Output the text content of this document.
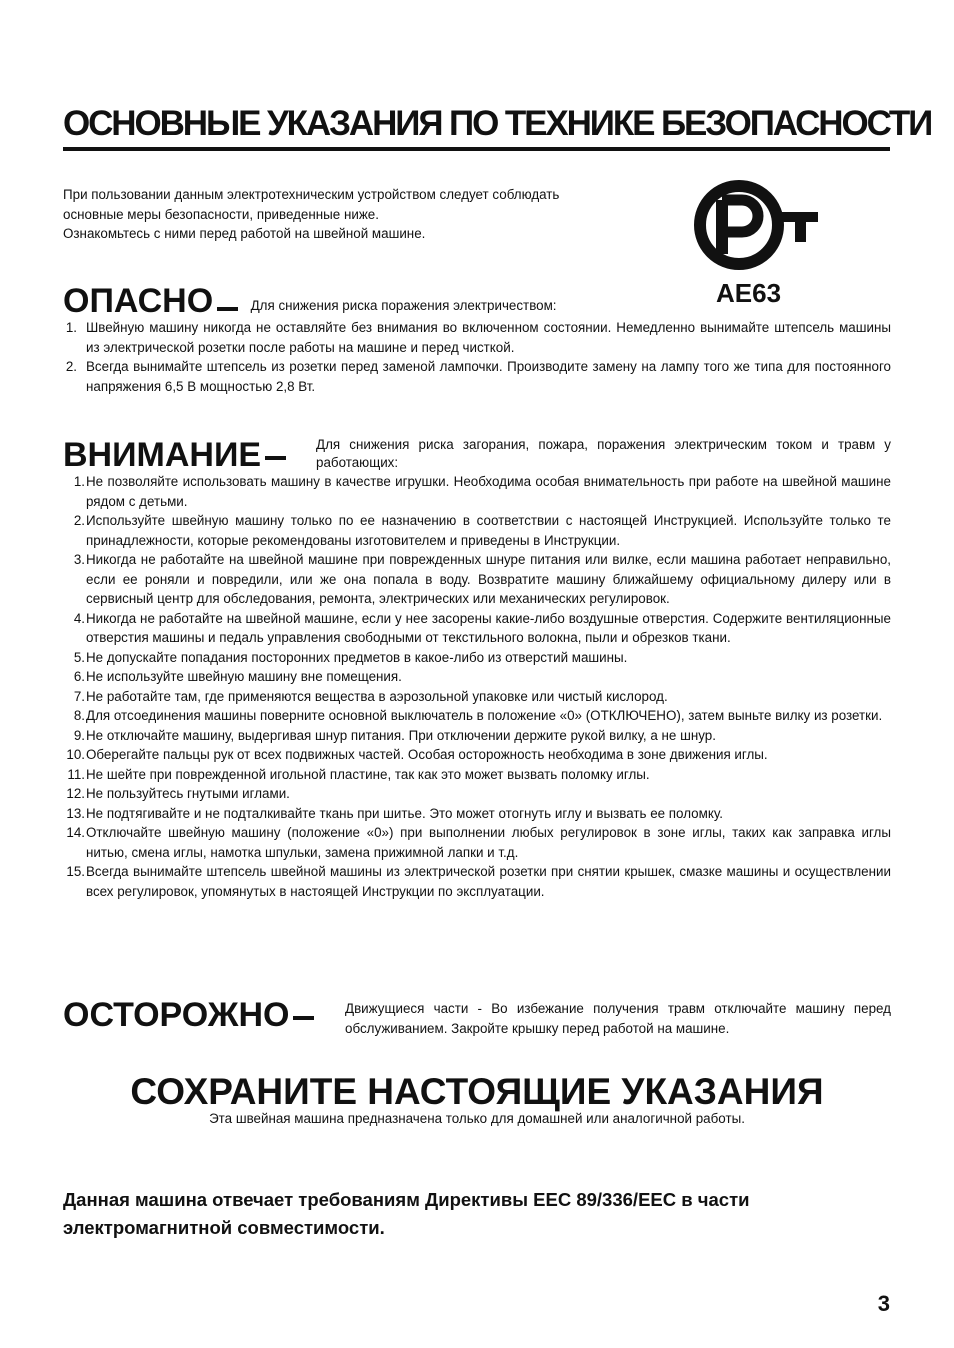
ОСНОВНЫЕ УКАЗАНИЯ ПО ТЕХНИКЕ БЕЗОПАСНОСТИ
При пользовании данным электротехническим устройством следует соблюдать
основные меры безопасности, приведенные ниже.
Ознакомьтесь с ними перед работой на швейной машине.
AE63
ОПАСНО	Для снижения риска поражения электричеством:
1. Швейную машину никогда не оставляйте без внимания во включенном состоянии. Немедленно вынимайте штепсель машины из электрической розетки после работы на машине и перед чисткой.
2. Всегда вынимайте штепсель из розетки перед заменой лампочки. Производите замену на лампу того же типа для постоянного напряжения 6,5 В мощностью 2,8 Вт.
ВНИМАНИЕ	Для снижения риска загорания, пожара, поражения электрическим током и травм у работающих:
1. Не позволяйте использовать машину в качестве игрушки. Необходима особая внимательность при работе на швейной машине рядом с детьми.
2. Используйте швейную машину только по ее назначению в соответствии с настоящей Инструкцией. Используйте только те принадлежности, которые рекомендованы изготовителем и приведены в Инструкции.
3. Никогда не работайте на швейной машине при поврежденных шнуре питания или вилке, если машина работает неправильно, если ее роняли и повредили, или же она попала в воду. Возвратите машину ближайшему официальному дилеру или в сервисный центр для обследования, ремонта, электрических или механических регулировок.
4. Никогда не работайте на швейной машине, если у нее засорены какие-либо воздушные отверстия. Содержите вентиляционные отверстия машины и педаль управления свободными от текстильного волокна, пыли и обрезков ткани.
5. Не допускайте попадания посторонних предметов в какое-либо из отверстий машины.
6. Не используйте швейную машину вне помещения.
7. Не работайте там, где применяются вещества в аэрозольной упаковке или чистый кислород.
8. Для отсоединения машины поверните основной выключатель в положение «0» (ОТКЛЮЧЕНО), затем выньте вилку из розетки.
9. Не отключайте машину, выдергивая шнур питания. При отключении держите рукой вилку, а не шнур.
10. Оберегайте пальцы рук от всех подвижных частей. Особая осторожность необходима в зоне движения иглы.
11. Не шейте при поврежденной игольной пластине, так как это может вызвать поломку иглы.
12. Не пользуйтесь гнутыми иглами.
13. Не подтягивайте и не подталкивайте ткань при шитье. Это может отогнуть иглу и вызвать ее поломку.
14. Отключайте швейную машину (положение «0») при выполнении любых регулировок в зоне иглы, таких как заправка иглы нитью, смена иглы, намотка шпульки, замена прижимной лапки и т.д.
15. Всегда вынимайте штепсель швейной машины из электрической розетки при снятии крышек, смазке машины и осуществлении всех регулировок, упомянутых в настоящей Инструкции по эксплуатации.
ОСТОРОЖНО	Движущиеся части - Во избежание получения травм отключайте машину перед обслуживанием. Закройте крышку перед работой на машине.
СОХРАНИТЕ НАСТОЯЩИЕ УКАЗАНИЯ
Эта швейная машина предназначена только для домашней или аналогичной работы.
Данная машина отвечает требованиям Директивы EEC 89/336/EEC в части электромагнитной совместимости.
3
